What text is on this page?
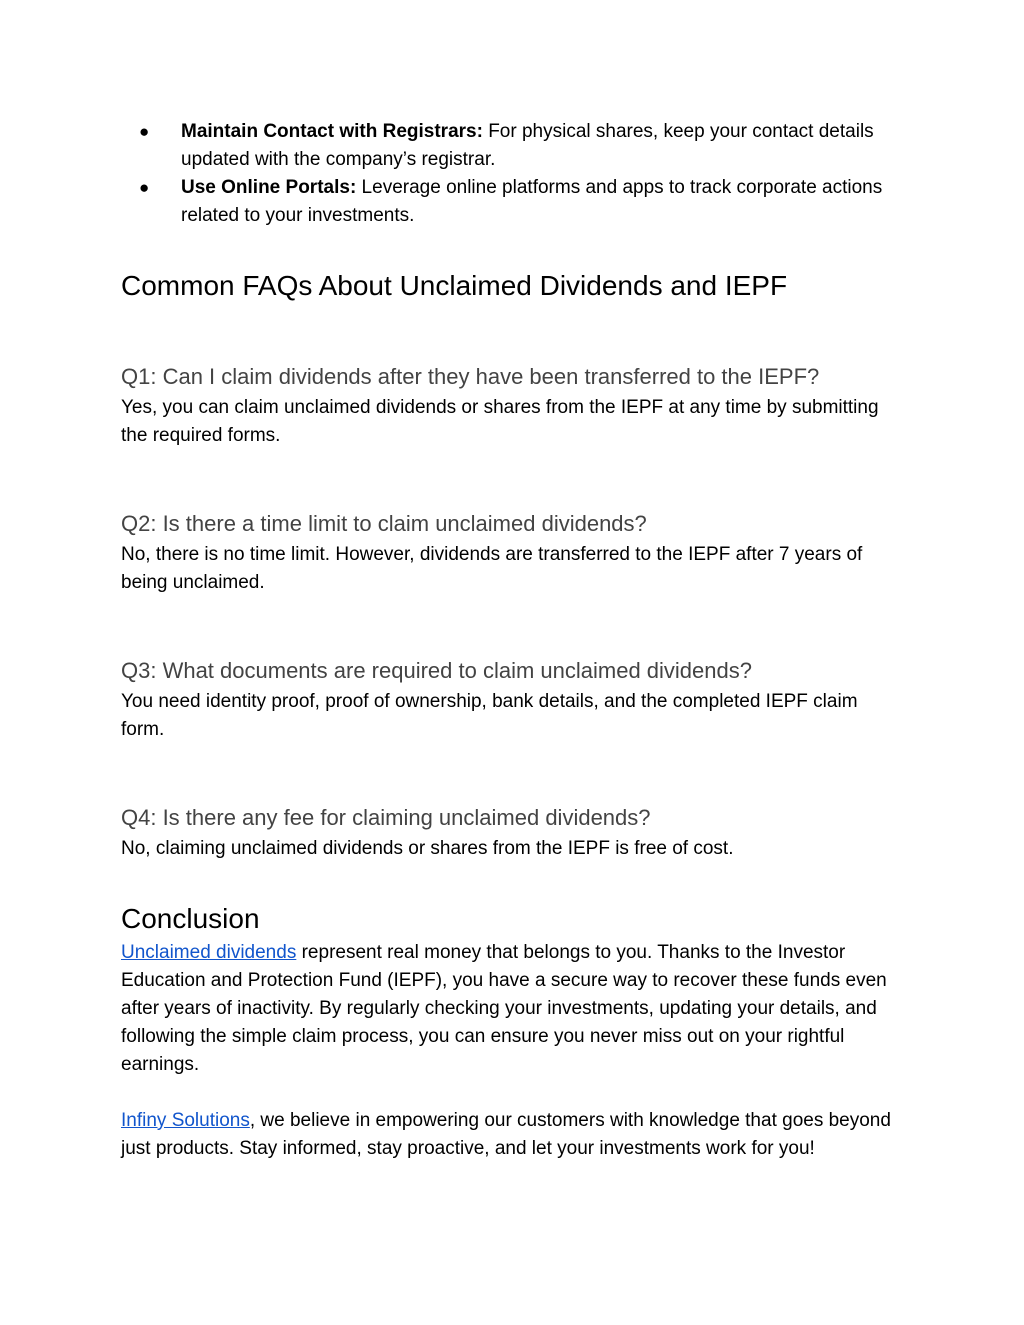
● Maintain Contact with Registrars: For physical shares, keep your contact details updated with the company’s registrar.
● Use Online Portals: Leverage online platforms and apps to track corporate actions related to your investments.
Common FAQs About Unclaimed Dividends and IEPF
Q1: Can I claim dividends after they have been transferred to the IEPF?

Yes, you can claim unclaimed dividends or shares from the IEPF at any time by submitting the required forms.

Q2: Is there a time limit to claim unclaimed dividends?

No, there is no time limit. However, dividends are transferred to the IEPF after 7 years of being unclaimed.

Q3: What documents are required to claim unclaimed dividends?

You need identity proof, proof of ownership, bank details, and the completed IEPF claim form.

Q4: Is there any fee for claiming unclaimed dividends?

No, claiming unclaimed dividends or shares from the IEPF is free of cost.

Conclusion

Unclaimed dividends represent real money that belongs to you. Thanks to the Investor Education and Protection Fund (IEPF), you have a secure way to recover these funds even after years of inactivity. By regularly checking your investments, updating your details, and following the simple claim process, you can ensure you never miss out on your rightful earnings.

Infiny Solutions, we believe in empowering our customers with knowledge that goes beyond just products. Stay informed, stay proactive, and let your investments work for you!
